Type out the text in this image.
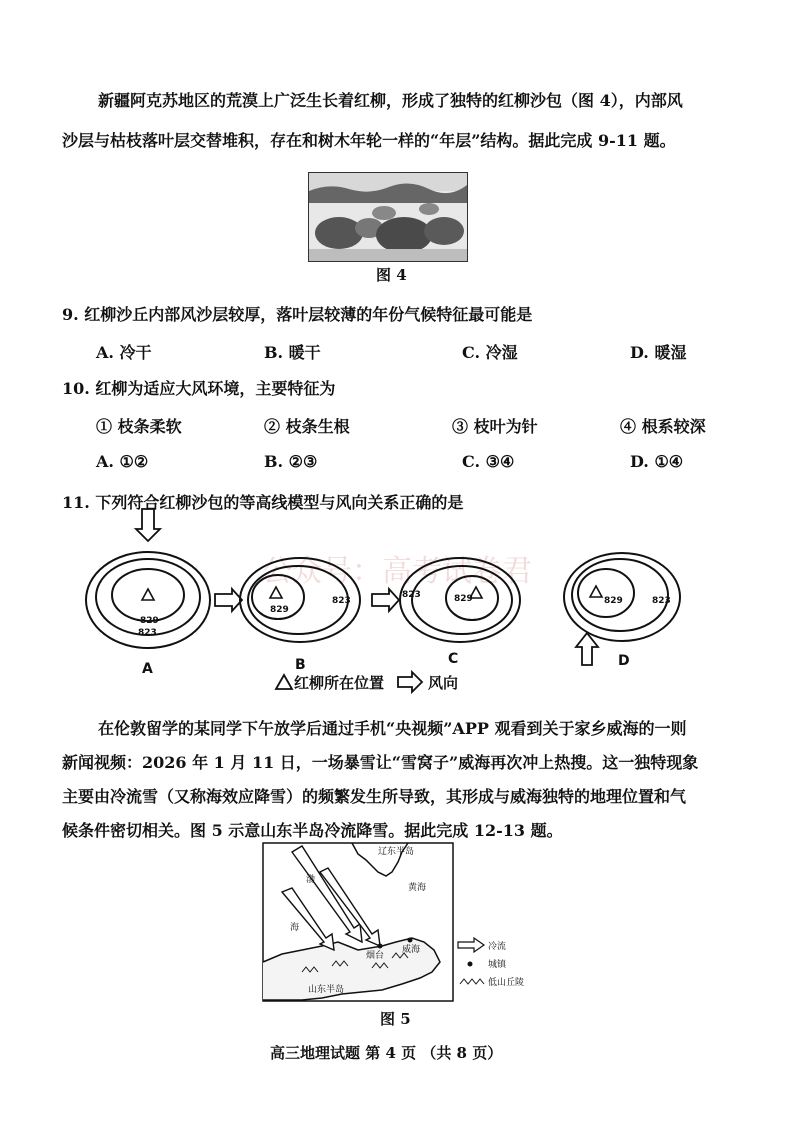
新疆阿克苏地区的荒漠上广泛生长着红柳，形成了独特的红柳沙包（图 4），内部风
沙层与枯枝落叶层交替堆积，存在和树木年轮一样的“年层”结构。据此完成 9-11 题。
图 4
9. 红柳沙丘内部风沙层较厚，落叶层较薄的年份气候特征最可能是
A. 冷干	B. 暖干	C. 冷湿	D. 暖湿
10. 红柳为适应大风环境，主要特征为
① 枝条柔软	② 枝条生根	③ 枝叶为针	④ 根系较深
A. ①②	B. ②③	C. ③④	D. ①④
11. 下列符合红柳沙包的等高线模型与风向关系正确的是
公众号：高考试卷君
829
823
829
823
823	829	829	823
A	B	C	D
红柳所在位置	风向
在伦敦留学的某同学下午放学后通过手机“央视频”APP 观看到关于家乡威海的一则
新闻视频：2026 年 1 月 11 日，一场暴雪让“雪窝子”威海再次冲上热搜。这一独特现象
主要由冷流雪（又称海效应降雪）的频繁发生所导致，其形成与威海独特的地理位置和气
候条件密切相关。图 5 示意山东半岛冷流降雪。据此完成 12-13 题。
辽东半岛
黄海
渤
海
烟台
威海
山东半岛
冷流
城镇
低山丘陵
图 5
高三地理试题 第 4 页 （共 8 页）
